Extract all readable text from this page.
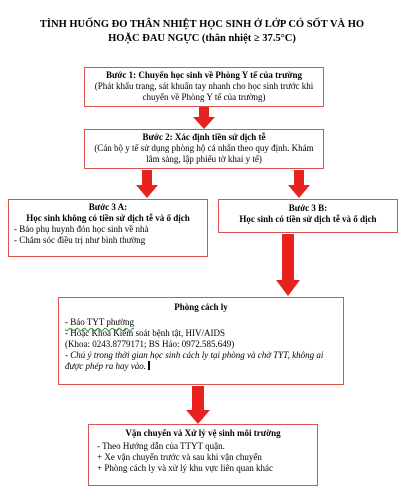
TÌNH HUỐNG ĐO THÂN NHIỆT HỌC SINH Ở LỚP CÓ SỐT VÀ HO
HOẶC ĐAU NGỰC (thân nhiệt ≥ 37.5°C)
Bước 1: Chuyển học sinh về Phòng Y tế của trường
(Phát khẩu trang, sát khuẩn tay nhanh cho học sinh trước khi chuyển về Phòng Y tế của trường)
Bước 2: Xác định tiền sử dịch tễ
(Cán bộ y tế sử dụng phòng hộ cá nhân theo quy định. Khám lâm sàng, lập phiếu tờ khai y tế)
Bước 3 A:
Học sinh không có tiền sử dịch tễ và ổ dịch
- Báo phụ huynh đón học sinh về nhà
- Chăm sóc điều trị như bình thường
Bước 3 B:
Học sinh có tiền sử dịch tễ và ổ dịch
Phòng cách ly
- Báo TYT phường
- Hoặc Khoa Kiểm soát bệnh tật, HIV/AIDS
(Khoa: 0243.8779171; BS Hảo: 0972.585.649)
- Chú ý trong thời gian học sinh cách ly tại phòng và chờ TYT, không ai được phép ra hay vào.
Vận chuyển và Xử lý vệ sinh môi trường
- Theo Hướng dẫn của TTYT quận.
+ Xe vận chuyển trước và sau khi vận chuyển
+ Phòng cách ly và xử lý khu vực liên quan khác
